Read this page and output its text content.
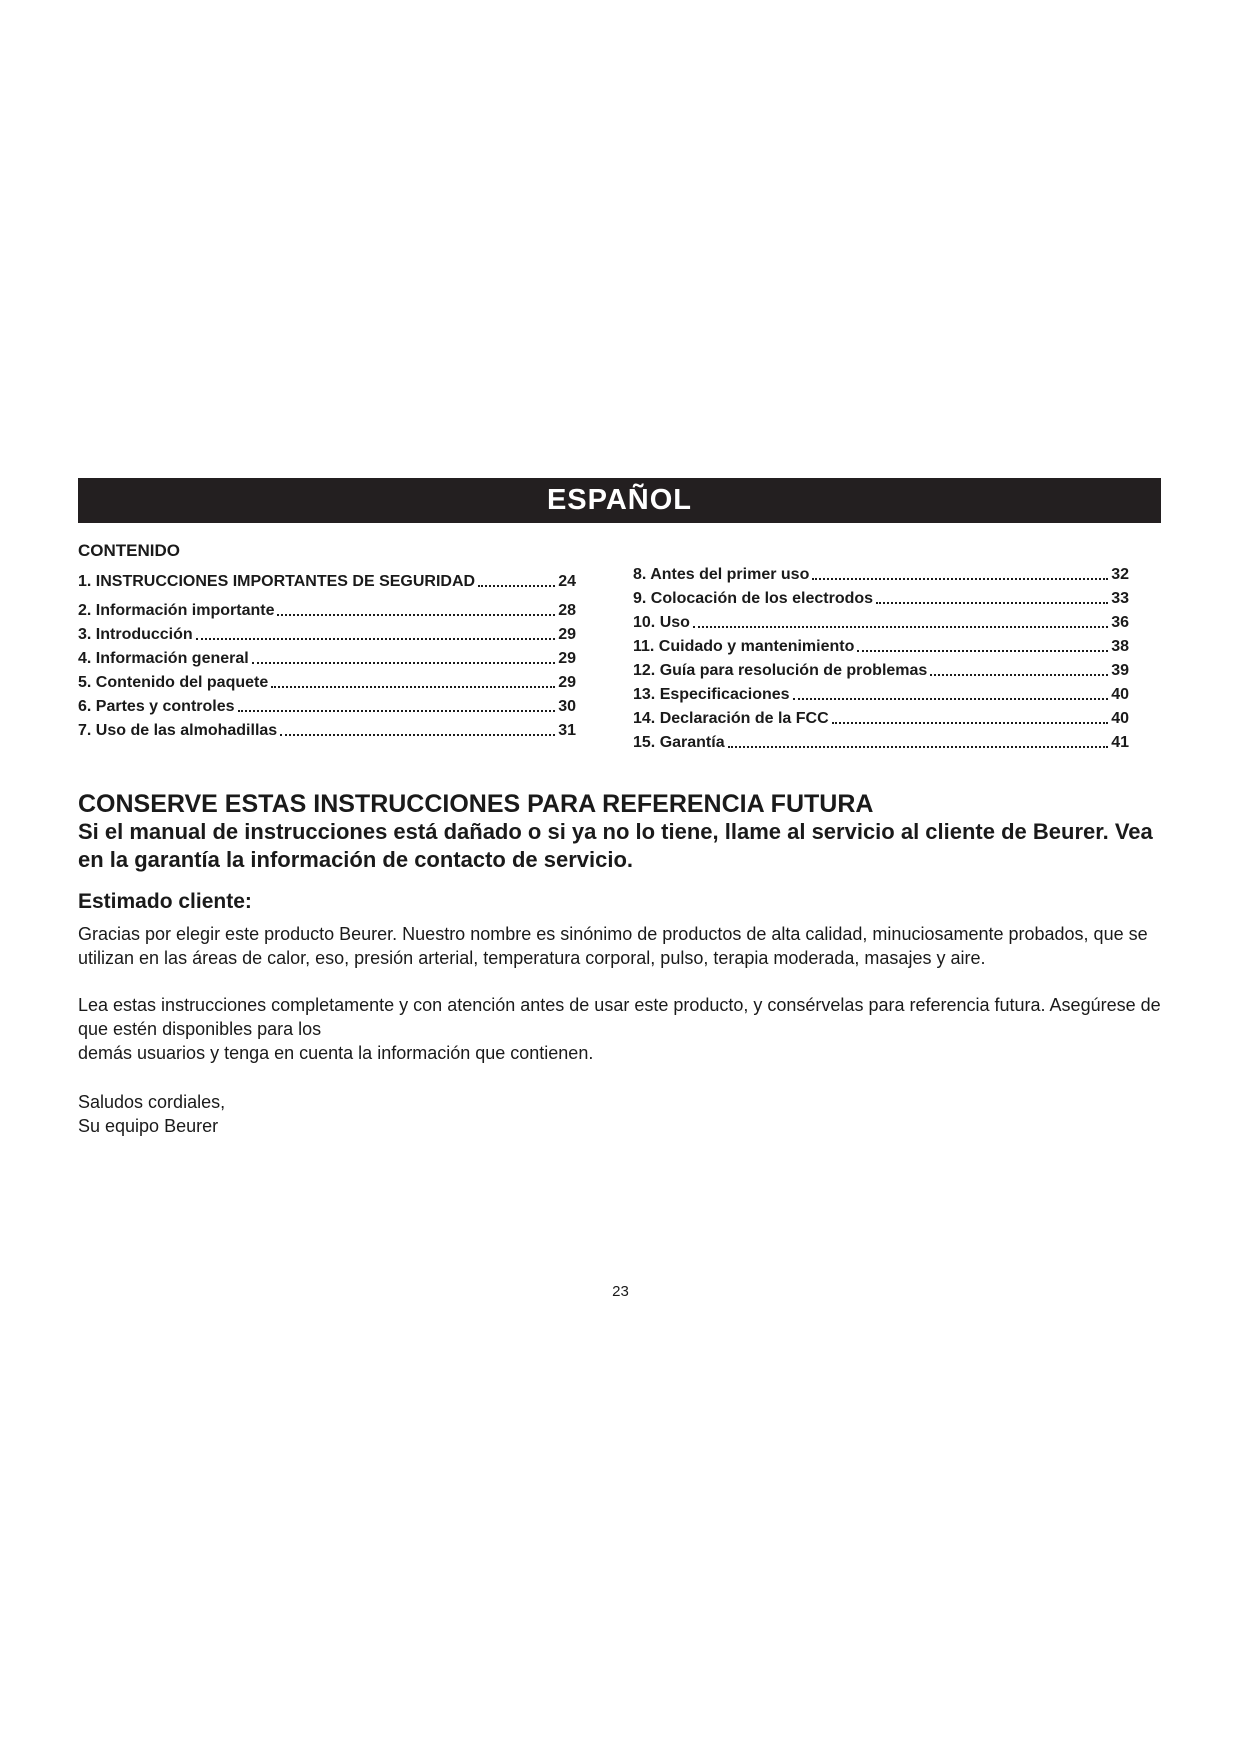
ESPAÑOL
CONTENIDO
1. INSTRUCCIONES IMPORTANTES DE SEGURIDAD	24
2. Información importante	28
3. Introducción	29
4. Información general	29
5. Contenido del paquete	29
6. Partes y controles	30
7. Uso de las almohadillas	31
8. Antes del primer uso	32
9. Colocación de los electrodos	33
10. Uso	36
11. Cuidado y mantenimiento	38
12. Guía para resolución de problemas	39
13. Especificaciones	40
14. Declaración de la FCC	40
15. Garantía	41
CONSERVE ESTAS INSTRUCCIONES PARA REFERENCIA FUTURA
Si el manual de instrucciones está dañado o si ya no lo tiene, llame al servicio al cliente de Beurer. Vea en la garantía la información de contacto de servicio.
Estimado cliente:
Gracias por elegir este producto Beurer. Nuestro nombre es sinónimo de productos de alta calidad, minuciosamente probados, que se utilizan en las áreas de calor, eso, presión arterial, temperatura corporal, pulso, terapia moderada, masajes y aire.
Lea estas instrucciones completamente y con atención antes de usar este producto, y consérvelas para referencia futura. Asegúrese de que estén disponibles para los
demás usuarios y tenga en cuenta la información que contienen.
Saludos cordiales,
Su equipo Beurer
23
